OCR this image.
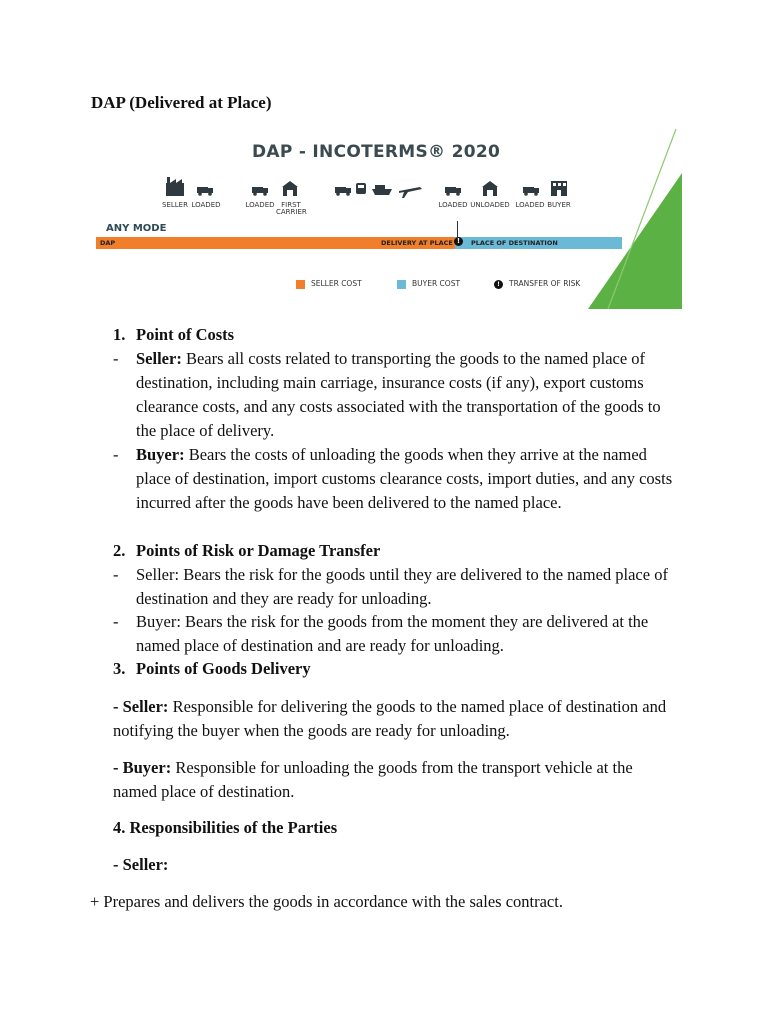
DAP (Delivered at Place)
DAP - INCOTERMS® 2020
SELLER LOADED	LOADED FIRST CARRIER
LOADED UNLOADED LOADED BUYER
ANY MODE
DAP	DELIVERY AT PLACE	PLACE OF DESTINATION
!
SELLER COST	BUYER COST	! TRANSFER OF RISK
1. Point of Costs
- Seller: Bears all costs related to transporting the goods to the named place of destination, including main carriage, insurance costs (if any), export customs clearance costs, and any costs associated with the transportation of the goods to the place of delivery.
- Buyer: Bears the costs of unloading the goods when they arrive at the named place of destination, import customs clearance costs, import duties, and any costs incurred after the goods have been delivered to the named place.
2. Points of Risk or Damage Transfer
- Seller: Bears the risk for the goods until they are delivered to the named place of destination and they are ready for unloading.
- Buyer: Bears the risk for the goods from the moment they are delivered at the named place of destination and are ready for unloading.
3. Points of Goods Delivery
- Seller: Responsible for delivering the goods to the named place of destination and notifying the buyer when the goods are ready for unloading.
- Buyer: Responsible for unloading the goods from the transport vehicle at the named place of destination.
4. Responsibilities of the Parties
- Seller:
+ Prepares and delivers the goods in accordance with the sales contract.
